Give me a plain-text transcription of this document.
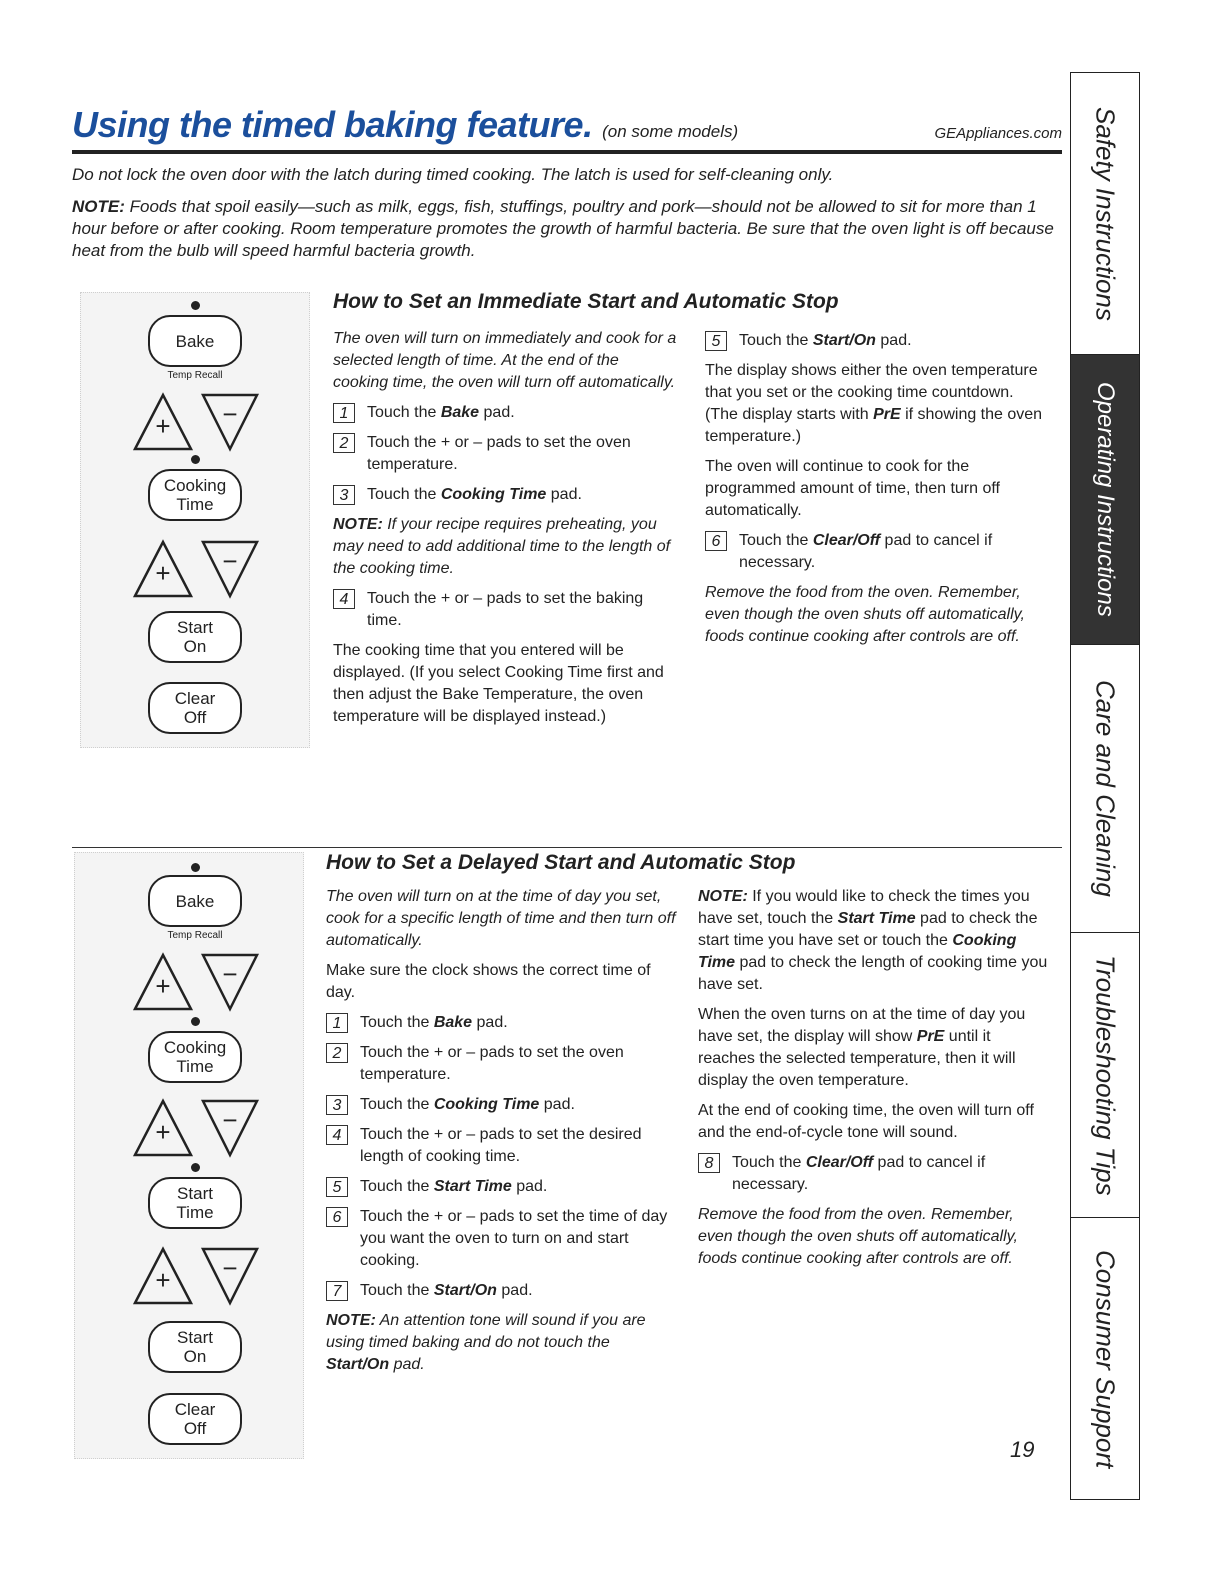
Using the timed baking feature. (on some models)	GEAppliances.com

Do not lock the oven door with the latch during timed cooking. The latch is used for self-cleaning only.

NOTE: Foods that spoil easily—such as milk, eggs, fish, stuffings, poultry and pork—should not be allowed to sit for more than 1 hour before or after cooking. Room temperature promotes the growth of harmful bacteria. Be sure that the oven light is off because heat from the bulb will speed harmful bacteria growth.

Bake
Temp Recall
+ −
Cooking
Time
+ −
Start
On
Clear
Off
How to Set an Immediate Start and Automatic Stop

The oven will turn on immediately and cook for a selected length of time. At the end of the cooking time, the oven will turn off automatically.

1	Touch the Bake pad.
2	Touch the + or – pads to set the oven temperature.
3	Touch the Cooking Time pad.

NOTE: If your recipe requires preheating, you may need to add additional time to the length of the cooking time.

4	Touch the + or – pads to set the baking time.

The cooking time that you entered will be displayed. (If you select Cooking Time first and then adjust the Bake Temperature, the oven temperature will be displayed instead.)

5	Touch the Start/On pad.

The display shows either the oven temperature that you set or the cooking time countdown. (The display starts with PrE if showing the oven temperature.)

The oven will continue to cook for the programmed amount of time, then turn off automatically.

6	Touch the Clear/Off pad to cancel if necessary.

Remove the food from the oven. Remember, even though the oven shuts off automatically, foods continue cooking after controls are off.

Bake
Temp Recall
+ −
Cooking
Time
+ −
Start
Time
+ −
Start
On
Clear
Off
How to Set a Delayed Start and Automatic Stop

The oven will turn on at the time of day you set, cook for a specific length of time and then turn off automatically.

Make sure the clock shows the correct time of day.

1	Touch the Bake pad.
2	Touch the + or – pads to set the oven temperature.
3	Touch the Cooking Time pad.
4	Touch the + or – pads to set the desired length of cooking time.
5	Touch the Start Time pad.
6	Touch the + or – pads to set the time of day you want the oven to turn on and start cooking.
7	Touch the Start/On pad.

NOTE: An attention tone will sound if you are using timed baking and do not touch the Start/On pad.

NOTE: If you would like to check the times you have set, touch the Start Time pad to check the start time you have set or touch the Cooking Time pad to check the length of cooking time you have set.

When the oven turns on at the time of day you have set, the display will show PrE until it reaches the selected temperature, then it will display the oven temperature.

At the end of cooking time, the oven will turn off and the end-of-cycle tone will sound.

8	Touch the Clear/Off pad to cancel if necessary.

Remove the food from the oven. Remember, even though the oven shuts off automatically, foods continue cooking after controls are off.

19
Safety Instructions
Operating Instructions
Care and Cleaning
Troubleshooting Tips
Consumer Support
